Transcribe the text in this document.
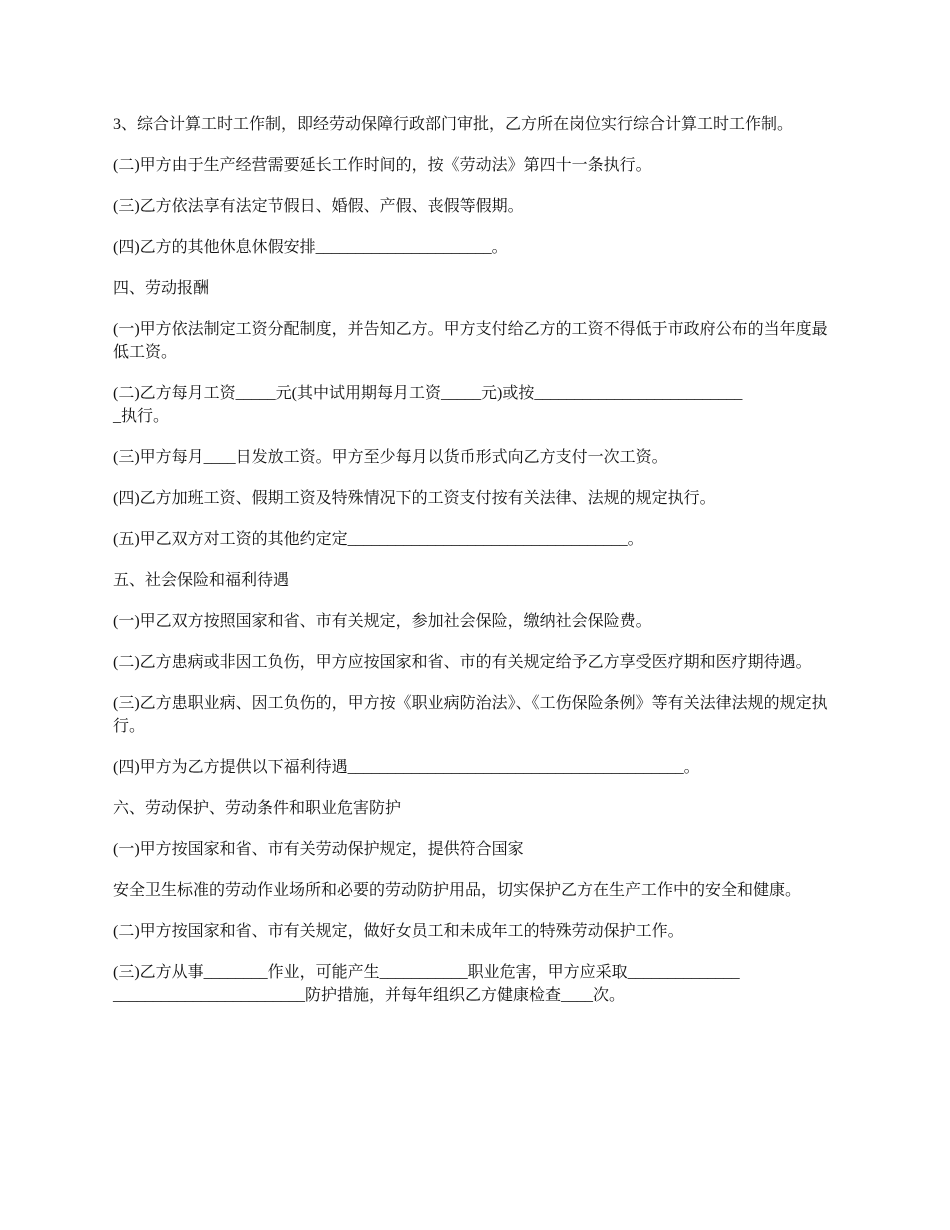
3、综合计算工时工作制，即经劳动保障行政部门审批，乙方所在岗位实行综合计算工时工作制。

(二)甲方由于生产经营需要延长工作时间的，按《劳动法》第四十一条执行。

(三)乙方依法享有法定节假日、婚假、产假、丧假等假期。

(四)乙方的其他休息休假安排______________________。

四、劳动报酬

(一)甲方依法制定工资分配制度，并告知乙方。甲方支付给乙方的工资不得低于市政府公布的当年度最低工资。

(二)乙方每月工资_____元(其中试用期每月工资_____元)或按__________________________
_执行。

(三)甲方每月____日发放工资。甲方至少每月以货币形式向乙方支付一次工资。

(四)乙方加班工资、假期工资及特殊情况下的工资支付按有关法律、法规的规定执行。

(五)甲乙双方对工资的其他约定定___________________________________。

五、社会保险和福利待遇

(一)甲乙双方按照国家和省、市有关规定，参加社会保险，缴纳社会保险费。

(二)乙方患病或非因工负伤，甲方应按国家和省、市的有关规定给予乙方享受医疗期和医疗期待遇。

(三)乙方患职业病、因工负伤的，甲方按《职业病防治法》、《工伤保险条例》等有关法律法规的规定执行。

(四)甲方为乙方提供以下福利待遇__________________________________________。

六、劳动保护、劳动条件和职业危害防护

(一)甲方按国家和省、市有关劳动保护规定，提供符合国家

安全卫生标准的劳动作业场所和必要的劳动防护用品，切实保护乙方在生产工作中的安全和健康。

(二)甲方按国家和省、市有关规定，做好女员工和未成年工的特殊劳动保护工作。

(三)乙方从事________作业，可能产生___________职业危害，甲方应采取______________
________________________防护措施，并每年组织乙方健康检查____次。
